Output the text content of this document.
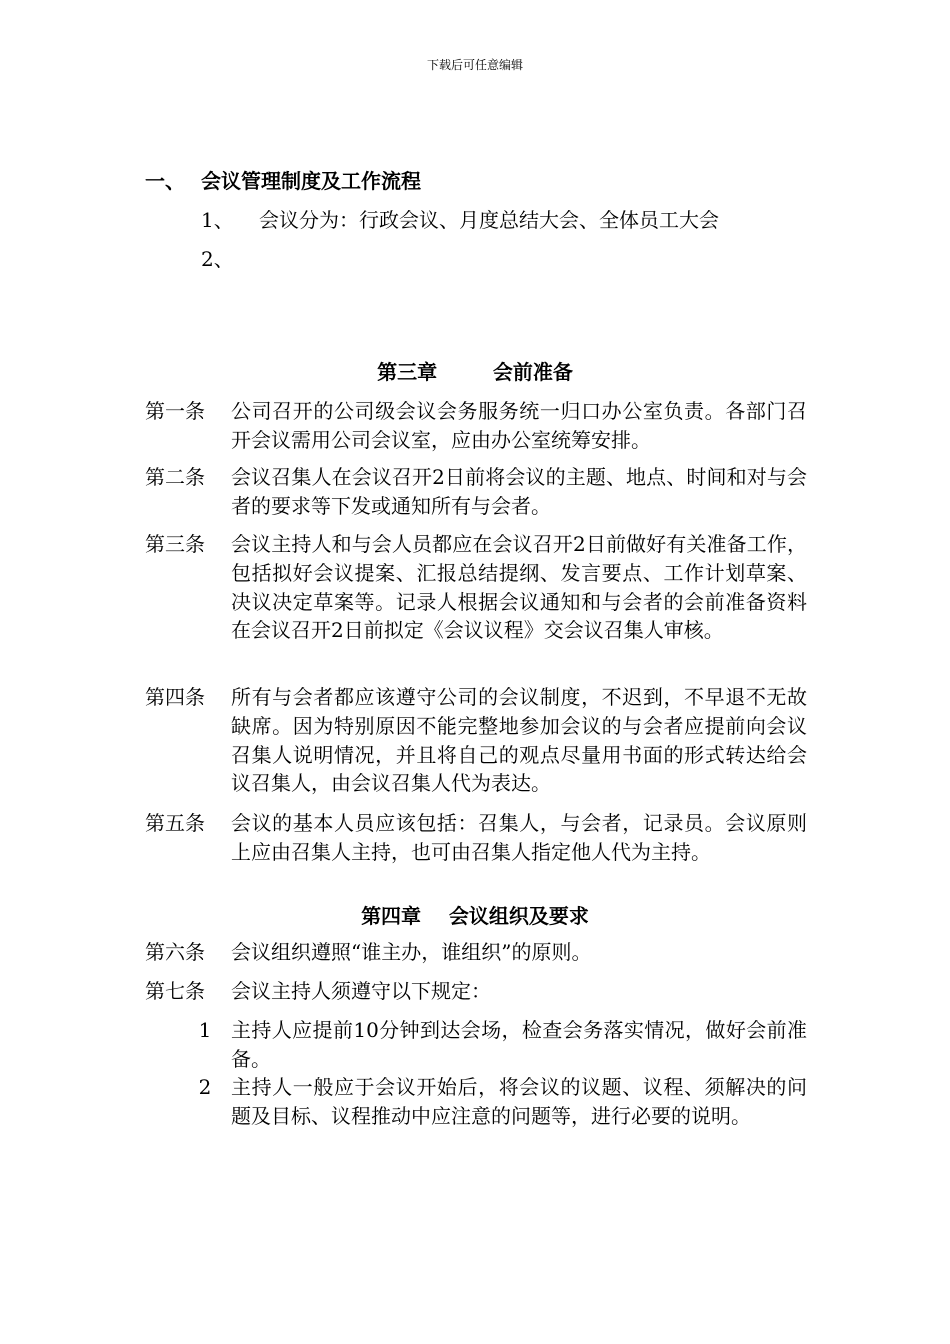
下载后可任意编辑
一、 会议管理制度及工作流程
1、 会议分为：行政会议、月度总结大会、全体员工大会
2、
第三章        会前准备
第一条 公司召开的公司级会议会务服务统一归口办公室负责。各部门召开会议需用公司会议室，应由办公室统筹安排。
第二条 会议召集人在会议召开2日前将会议的主题、地点、时间和对与会者的要求等下发或通知所有与会者。
第三条 会议主持人和与会人员都应在会议召开2日前做好有关准备工作，包括拟好会议提案、汇报总结提纲、发言要点、工作计划草案、决议决定草案等。记录人根据会议通知和与会者的会前准备资料在会议召开2日前拟定《会议议程》交会议召集人审核。
第四条 所有与会者都应该遵守公司的会议制度，不迟到，不早退不无故缺席。因为特别原因不能完整地参加会议的与会者应提前向会议召集人说明情况，并且将自己的观点尽量用书面的形式转达给会议召集人，由会议召集人代为表达。
第五条 会议的基本人员应该包括：召集人，与会者，记录员。会议原则上应由召集人主持，也可由召集人指定他人代为主持。
第四章    会议组织及要求
第六条 会议组织遵照“谁主办，谁组织”的原则。
第七条 会议主持人须遵守以下规定：
1 主持人应提前10分钟到达会场，检查会务落实情况，做好会前准备。
2 主持人一般应于会议开始后，将会议的议题、议程、须解决的问题及目标、议程推动中应注意的问题等，进行必要的说明。
